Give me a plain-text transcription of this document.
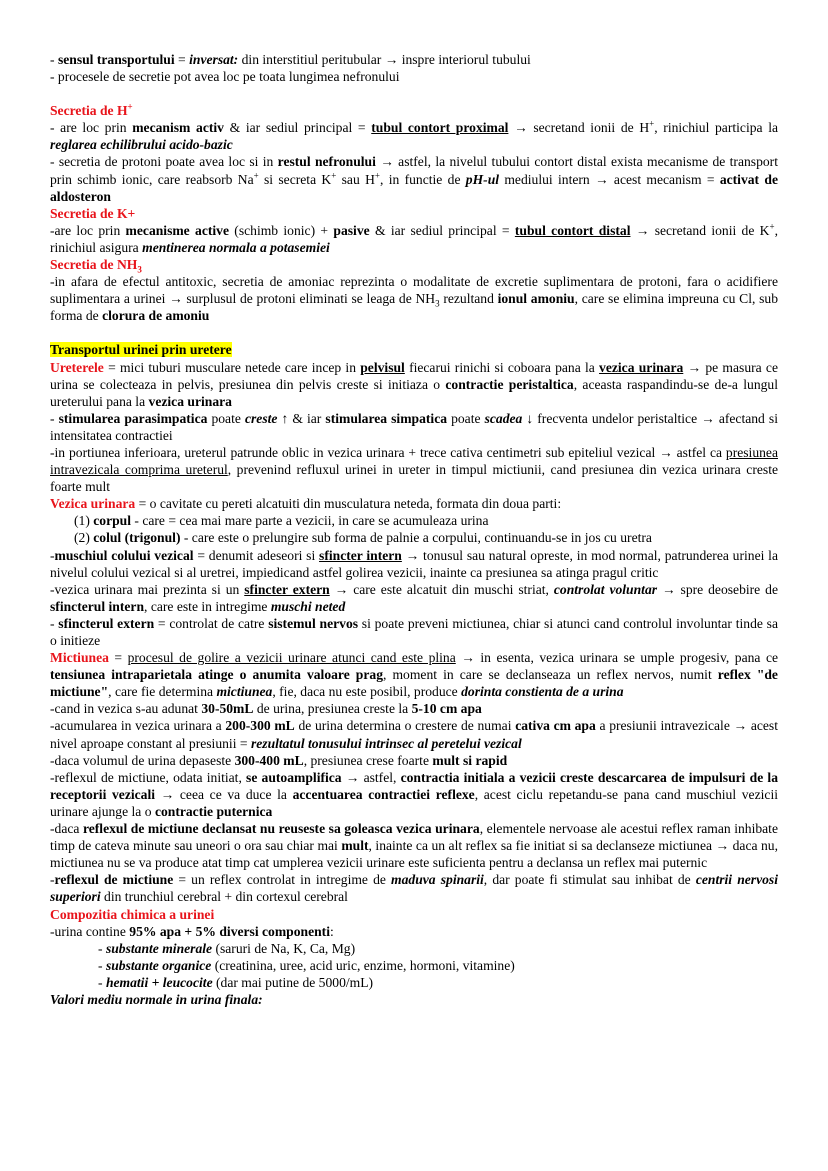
- sensul transportului = inversat: din interstitiul peritubular → inspre interiorul tubului

- procesele de secretie pot avea loc pe toata lungimea nefronului

Secretia de H+

- are loc prin mecanism activ & iar sediul principal = tubul contort proximal → secretand ionii de H+, rinichiul participa la reglarea echilibrului acido-bazic

- secretia de protoni poate avea loc si in restul nefronului → astfel, la nivelul tubului contort distal exista mecanisme de transport prin schimb ionic, care reabsorb Na+ si secreta K+ sau H+, in functie de pH-ul mediului intern → acest mecanism = activat de aldosteron

Secretia de K+

-are loc prin mecanisme active (schimb ionic) + pasive & iar sediul principal = tubul contort distal → secretand ionii de K+, rinichiul asigura mentinerea normala a potasemiei

Secretia de $NH_3$

-in afara de efectul antitoxic, secretia de amoniac reprezinta o modalitate de excretie suplimentara de protoni, fara o acidifiere suplimentara a urinei → surplusul de protoni eliminati se leaga de $NH_3$ rezultand ionul amoniu, care se elimina impreuna cu Cl, sub forma de clorura de amoniu

Transportul urinei prin uretere

Ureterele = mici tuburi musculare netede care incep in pelvisul fiecarui rinichi si coboara pana la vezica urinara → pe masura ce urina se colecteaza in pelvis, presiunea din pelvis creste si initiaza o contractie peristaltica, aceasta raspandindu-se de-a lungul ureterului pana la vezica urinara

- stimularea parasimpatica poate creste ↑ & iar stimularea simpatica poate scadea ↓ frecventa undelor peristaltice → afectand si intensitatea contractiei

-in portiunea inferioara, ureterul patrunde oblic in vezica urinara + trece cativa centimetri sub epiteliul vezical → astfel ca presiunea intravezicala comprima ureterul, prevenind refluxul urinei in ureter in timpul mictiunii, cand presiunea din vezica urinara creste foarte mult

Vezica urinara = o cavitate cu pereti alcatuiti din musculatura neteda, formata din doua parti:

(1) corpul - care = cea mai mare parte a vezicii, in care se acumuleaza urina

(2) colul (trigonul) - care este o prelungire sub forma de palnie a corpului, continuandu-se in jos cu uretra

-muschiul colului vezical = denumit adeseori si sfincter intern → tonusul sau natural opreste, in mod normal, patrunderea urinei la nivelul colului vezical si al uretrei, impiedicand astfel golirea vezicii, inainte ca presiunea sa atinga pragul critic

-vezica urinara mai prezinta si un sfincter extern → care este alcatuit din muschi striat, controlat voluntar → spre deosebire de sfincterul intern, care este in intregime muschi neted

- sfincterul extern = controlat de catre sistemul nervos si poate preveni mictiunea, chiar si atunci cand controlul involuntar tinde sa o initieze

Mictiunea = procesul de golire a vezicii urinare atunci cand este plina → in esenta, vezica urinara se umple progesiv, pana ce tensiunea intraparietala atinge o anumita valoare prag, moment in care se declanseaza un reflex nervos, numit reflex "de mictiune", care fie determina mictiunea, fie, daca nu este posibil, produce dorinta constienta de a urina

-cand in vezica s-au adunat 30-50mL de urina, presiunea creste la 5-10 cm apa

-acumularea in vezica urinara a 200-300 mL de urina determina o crestere de numai cativa cm apa a presiunii intravezicale → acest nivel aproape constant al presiunii = rezultatul tonusului intrinsec al peretelui vezical

-daca volumul de urina depaseste 300-400 mL, presiunea crese foarte mult si rapid

-reflexul de mictiune, odata initiat, se autoamplifica → astfel, contractia initiala a vezicii creste descarcarea de impulsuri de la receptorii vezicali → ceea ce va duce la accentuarea contractiei reflexe, acest ciclu repetandu-se pana cand muschiul vezicii urinare ajunge la o contractie puternica

-daca reflexul de mictiune declansat nu reuseste sa goleasca vezica urinara, elementele nervoase ale acestui reflex raman inhibate timp de cateva minute sau uneori o ora sau chiar mai mult, inainte ca un alt reflex sa fie initiat si sa declanseze mictiunea → daca nu, mictiunea nu se va produce atat timp cat umplerea vezicii urinare este suficienta pentru a declansa un reflex mai puternic

-reflexul de mictiune = un reflex controlat in intregime de maduva spinarii, dar poate fi stimulat sau inhibat de centrii nervosi superiori din trunchiul cerebral + din cortexul cerebral

Compozitia chimica a urinei

-urina contine 95% apa + 5% diversi componenti:

- substante minerale (saruri de Na, K, Ca, Mg)

- substante organice (creatinina, uree, acid uric, enzime, hormoni, vitamine)

- hematii + leucocite (dar mai putine de 5000/mL)

Valori mediu normale in urina finala:
